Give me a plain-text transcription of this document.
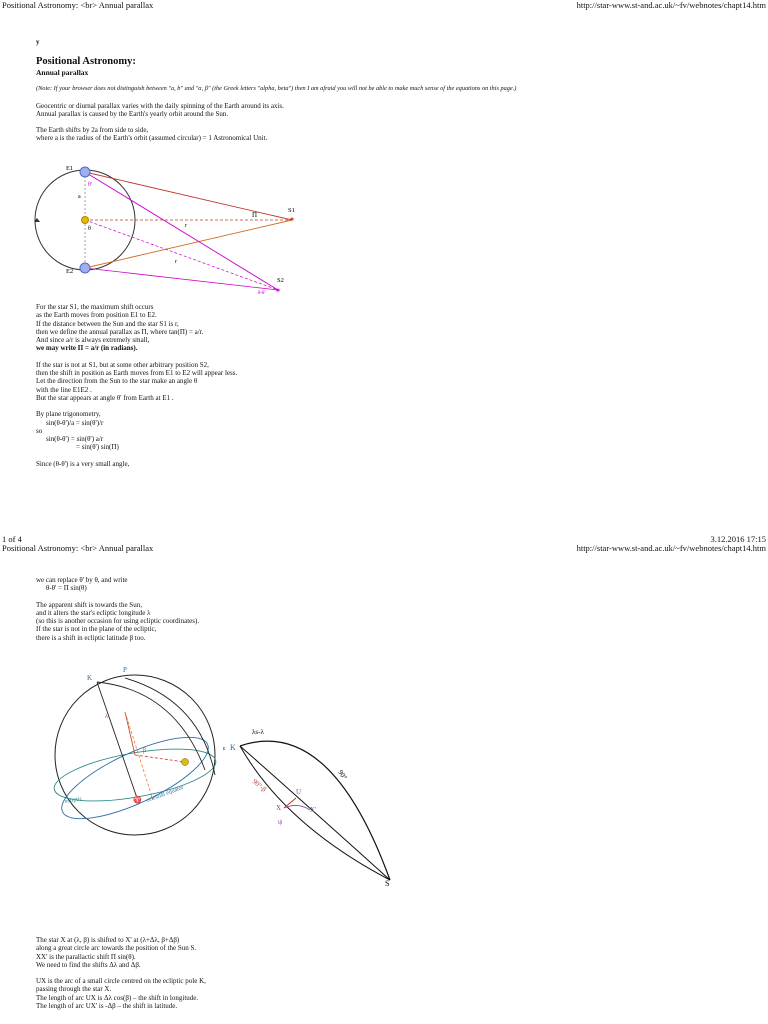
Positional Astronomy: <br> Annual parallax	http://star-www.st-and.ac.uk/~fv/webnotes/chapt14.htm

y

Positional Astronomy:
Annual parallax

(Note: If your browser does not distinguish between "a, b" and "α, β" (the Greek letters "alpha, beta") then I am afraid you will not be able to make much sense of the equations on this page.)

Geocentric or diurnal parallax varies with the daily spinning of the Earth around its axis.

Annual parallax is caused by the Earth's yearly orbit around the Sun.

The Earth shifts by 2a from side to side,

where a is the radius of the Earth's orbit (assumed circular) = 1 Astronomical Unit.

✶
✶
E1
E2
S1
S2
Π
θ'
a
θ	r
r
θ-θ'

For the star S1, the maximum shift occurs

as the Earth moves from position E1 to E2.

If the distance between the Sun and the star S1 is r,

then we define the annual parallax as Π, where tan(Π) = a/r.

And since a/r is always extremely small,

we may write Π = a/r (in radians).

If the star is not at S1, but at some other arbitrary position S2,

then the shift in position as Earth moves from E1 to E2 will appear less.

Let the direction from the Sun to the star make an angle θ

with the line E1E2 .

But the star appears at angle θ' from Earth at E1 .

By plane trigonometry,

sin(θ-θ')/a = sin(θ')/r

so

sin(θ-θ') = sin(θ') a/r

= sin(θ') sin(Π)

Since (θ-θ') is a very small angle,

1 of 4	3.12.2016 17:15
Positional Astronomy: <br> Annual parallax	http://star-www.st-and.ac.uk/~fv/webnotes/chapt14.htm

we can replace θ' by θ, and write

θ-θ' = Π sin(θ)

The apparent shift is towards the Sun,

and it alters the star's ecliptic longitude λ

(so this is another occasion for using ecliptic coordinates).

If the star is not in the plane of the ecliptic,

there is a shift in ecliptic latitude β too.

K
P
ε
ecliptic	celestial equator
♈
β
λ
K
λs-λ
90°-β
90°
U
X	X'
ψ
S

The star X at (λ, β) is shifted to X' at (λ+Δλ, β+Δβ)

along a great circle arc towards the position of the Sun S.

XX' is the parallactic shift Π sin(θ).

We need to find the shifts Δλ and Δβ.

UX is the arc of a small circle centred on the ecliptic pole K,

passing through the star X.

The length of arc UX is Δλ cos(β) – the shift in longitude.

The length of arc UX' is -Δβ – the shift in latitude.
